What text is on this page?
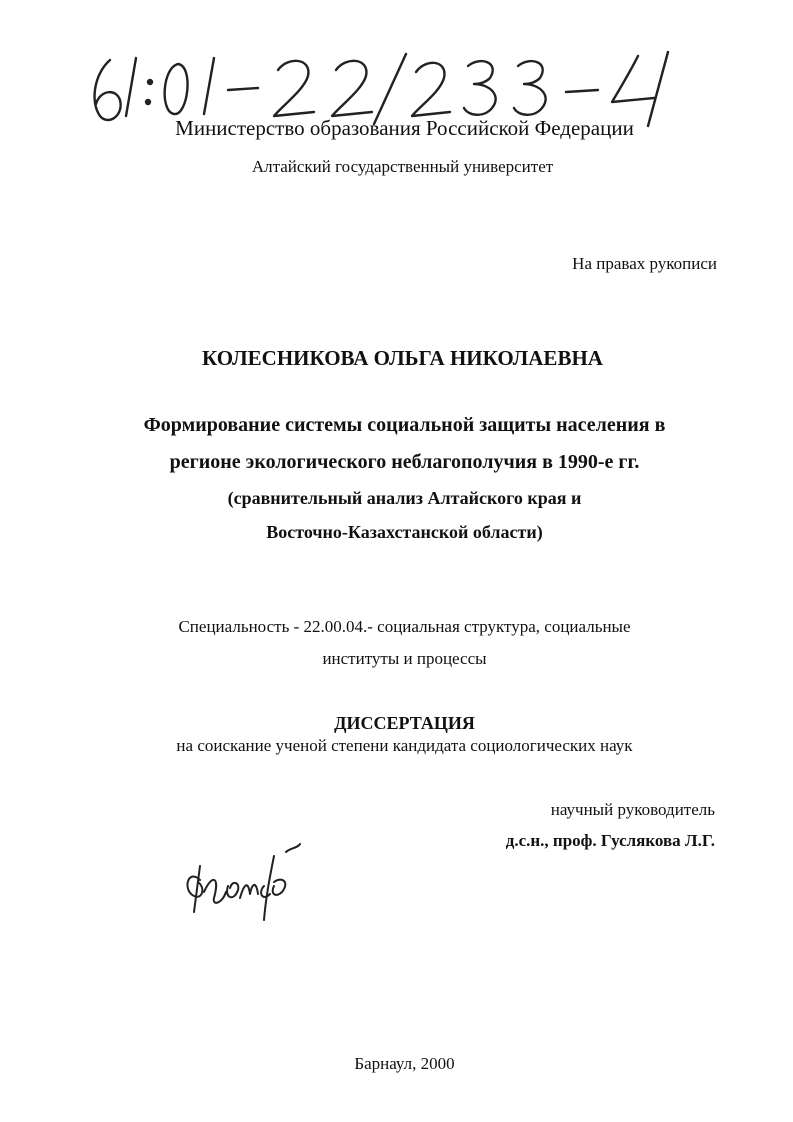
Министерство образования Российской Федерации
Алтайский государственный университет
На правах рукописи
КОЛЕСНИКОВА ОЛЬГА НИКОЛАЕВНА
Формирование системы социальной защиты населения в
регионе экологического неблагополучия в 1990-е гг.
(сравнительный анализ Алтайского края и
Восточно-Казахстанской области)
Специальность - 22.00.04.- социальная структура, социальные
институты и процессы
ДИССЕРТАЦИЯ
на соискание ученой степени кандидата социологических наук
научный руководитель
д.с.н., проф. Гуслякова Л.Г.
Барнаул, 2000
